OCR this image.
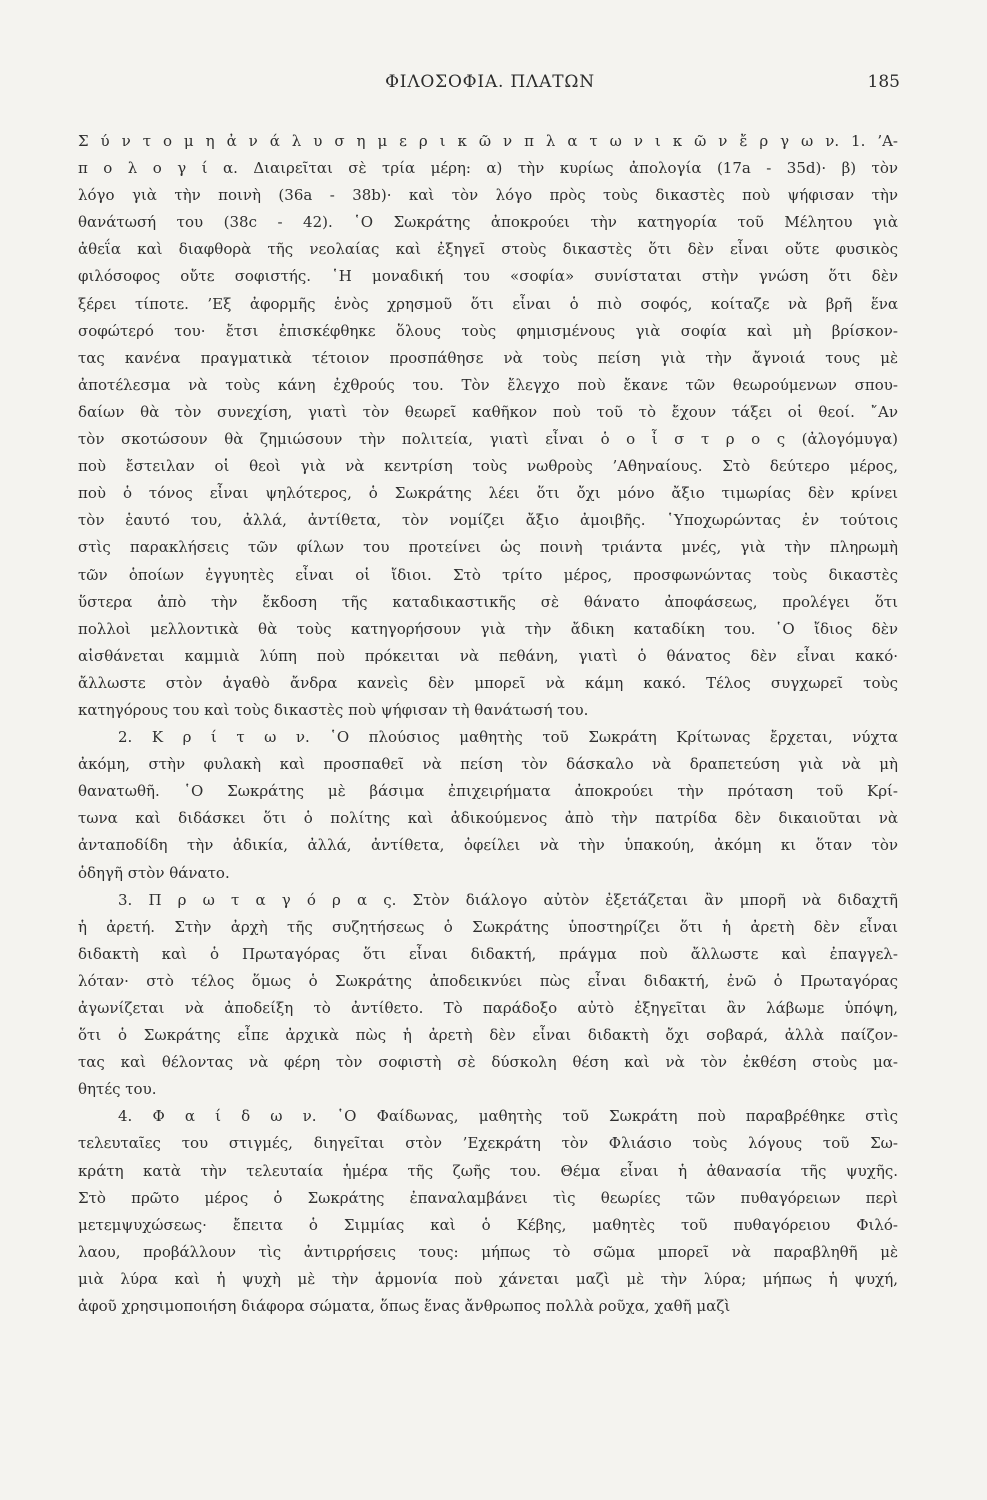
ΦΙΛΟΣΟΦΙΑ. ΠΛΑΤΩΝ	185
Σ ύ ν τ ο μ η ἀ ν ά λ υ σ η μ ε ρ ι κ ῶ ν π λ α τ ω ν ι κ ῶ ν ἔ ρ γ ω ν. 1. ’Α-
π ο λ ο γ ί α. Διαιρεῖται σὲ τρία μέρη: α) τὴν κυρίως ἀπολογία (17a - 35d)· β) τὸν
λόγο γιὰ τὴν ποινὴ (36a - 38b)· καὶ τὸν λόγο πρὸς τοὺς δικαστὲς ποὺ ψήφισαν τὴν
θανάτωσή του (38c - 42). ῾Ο Σωκράτης ἀποκρούει τὴν κατηγορία τοῦ Μέλητου γιὰ
ἀθεΐα καὶ διαφθορὰ τῆς νεολαίας καὶ ἐξηγεῖ στοὺς δικαστὲς ὅτι δὲν εἶναι οὔτε φυσικὸς
φιλόσοφος οὔτε σοφιστής. ῾Η μοναδική του «σοφία» συνίσταται στὴν γνώση ὅτι δὲν
ξέρει τίποτε. ’Εξ ἀφορμῆς ἑνὸς χρησμοῦ ὅτι εἶναι ὁ πιὸ σοφός, κοίταζε νὰ βρῆ ἕνα
σοφώτερό του· ἔτσι ἐπισκέφθηκε ὅλους τοὺς φημισμένους γιὰ σοφία καὶ μὴ βρίσκον-
τας κανένα πραγματικὰ τέτοιον προσπάθησε νὰ τοὺς πείση γιὰ τὴν ἄγνοιά τους μὲ
ἀποτέλεσμα νὰ τοὺς κάνη ἐχθρούς του. Τὸν ἔλεγχο ποὺ ἔκανε τῶν θεωρούμενων σπου-
δαίων θὰ τὸν συνεχίση, γιατὶ τὸν θεωρεῖ καθῆκον ποὺ τοῦ τὸ ἔχουν τάξει οἱ θεοί. ῎Αν
τὸν σκοτώσουν θὰ ζημιώσουν τὴν πολιτεία, γιατὶ εἶναι ὁ ο ἶ σ τ ρ ο ς (ἀλογόμυγα)
ποὺ ἔστειλαν οἱ θεοὶ γιὰ νὰ κεντρίση τοὺς νωθροὺς ’Αθηναίους. Στὸ δεύτερο μέρος,
ποὺ ὁ τόνος εἶναι ψηλότερος, ὁ Σωκράτης λέει ὅτι ὄχι μόνο ἄξιο τιμωρίας δὲν κρίνει
τὸν ἑαυτό του, ἀλλά, ἀντίθετα, τὸν νομίζει ἄξιο ἀμοιβῆς. ῾Υποχωρώντας ἐν τούτοις
στὶς παρακλήσεις τῶν φίλων του προτείνει ὡς ποινὴ τριάντα μνές, γιὰ τὴν πληρωμὴ
τῶν ὁποίων ἐγγυητὲς εἶναι οἱ ἴδιοι. Στὸ τρίτο μέρος, προσφωνώντας τοὺς δικαστὲς
ὕστερα ἀπὸ τὴν ἔκδοση τῆς καταδικαστικῆς σὲ θάνατο ἀποφάσεως, προλέγει ὅτι
πολλοὶ μελλοντικὰ θὰ τοὺς κατηγορήσουν γιὰ τὴν ἄδικη καταδίκη του. ῾Ο ἴδιος δὲν
αἰσθάνεται καμμιὰ λύπη ποὺ πρόκειται νὰ πεθάνη, γιατὶ ὁ θάνατος δὲν εἶναι κακό·
ἄλλωστε στὸν ἀγαθὸ ἄνδρα κανεὶς δὲν μπορεῖ νὰ κάμη κακό. Τέλος συγχωρεῖ τοὺς
κατηγόρους του καὶ τοὺς δικαστὲς ποὺ ψήφισαν τὴ θανάτωσή του.
2. Κ ρ ί τ ω ν. ῾Ο πλούσιος μαθητὴς τοῦ Σωκράτη Κρίτωνας ἔρχεται, νύχτα
ἀκόμη, στὴν φυλακὴ καὶ προσπαθεῖ νὰ πείση τὸν δάσκαλο νὰ δραπετεύση γιὰ νὰ μὴ
θανατωθῆ. ῾Ο Σωκράτης μὲ βάσιμα ἐπιχειρήματα ἀποκρούει τὴν πρόταση τοῦ Κρί-
τωνα καὶ διδάσκει ὅτι ὁ πολίτης καὶ ἀδικούμενος ἀπὸ τὴν πατρίδα δὲν δικαιοῦται νὰ
ἀνταποδίδη τὴν ἀδικία, ἀλλά, ἀντίθετα, ὀφείλει νὰ τὴν ὑπακούη, ἀκόμη κι ὅταν τὸν
ὁδηγῆ στὸν θάνατο.
3. Π ρ ω τ α γ ό ρ α ς. Στὸν διάλογο αὐτὸν ἐξετάζεται ἂν μπορῆ νὰ διδαχτῆ
ἡ ἀρετή. Στὴν ἀρχὴ τῆς συζητήσεως ὁ Σωκράτης ὑποστηρίζει ὅτι ἡ ἀρετὴ δὲν εἶναι
διδακτὴ καὶ ὁ Πρωταγόρας ὅτι εἶναι διδακτή, πράγμα ποὺ ἄλλωστε καὶ ἐπαγγελ-
λόταν· στὸ τέλος ὅμως ὁ Σωκράτης ἀποδεικνύει πὼς εἶναι διδακτή, ἐνῶ ὁ Πρωταγόρας
ἀγωνίζεται νὰ ἀποδείξη τὸ ἀντίθετο. Τὸ παράδοξο αὐτὸ ἐξηγεῖται ἂν λάβωμε ὑπόψη,
ὅτι ὁ Σωκράτης εἶπε ἀρχικὰ πὼς ἡ ἀρετὴ δὲν εἶναι διδακτὴ ὄχι σοβαρά, ἀλλὰ παίζον-
τας καὶ θέλοντας νὰ φέρη τὸν σοφιστὴ σὲ δύσκολη θέση καὶ νὰ τὸν ἐκθέση στοὺς μα-
θητές του.
4. Φ α ί δ ω ν. ῾Ο Φαίδωνας, μαθητὴς τοῦ Σωκράτη ποὺ παραβρέθηκε στὶς
τελευταῖες του στιγμές, διηγεῖται στὸν ’Εχεκράτη τὸν Φλιάσιο τοὺς λόγους τοῦ Σω-
κράτη κατὰ τὴν τελευταία ἡμέρα τῆς ζωῆς του. Θέμα εἶναι ἡ ἀθανασία τῆς ψυχῆς.
Στὸ πρῶτο μέρος ὁ Σωκράτης ἐπαναλαμβάνει τὶς θεωρίες τῶν πυθαγόρειων περὶ
μετεμψυχώσεως· ἔπειτα ὁ Σιμμίας καὶ ὁ Κέβης, μαθητὲς τοῦ πυθαγόρειου Φιλό-
λαου, προβάλλουν τὶς ἀντιρρήσεις τους: μήπως τὸ σῶμα μπορεῖ νὰ παραβληθῆ μὲ
μιὰ λύρα καὶ ἡ ψυχὴ μὲ τὴν ἁρμονία ποὺ χάνεται μαζὶ μὲ τὴν λύρα; μήπως ἡ ψυχή,
ἀφοῦ χρησιμοποιήση διάφορα σώματα, ὅπως ἕνας ἄνθρωπος πολλὰ ροῦχα, χαθῆ μαζὶ
